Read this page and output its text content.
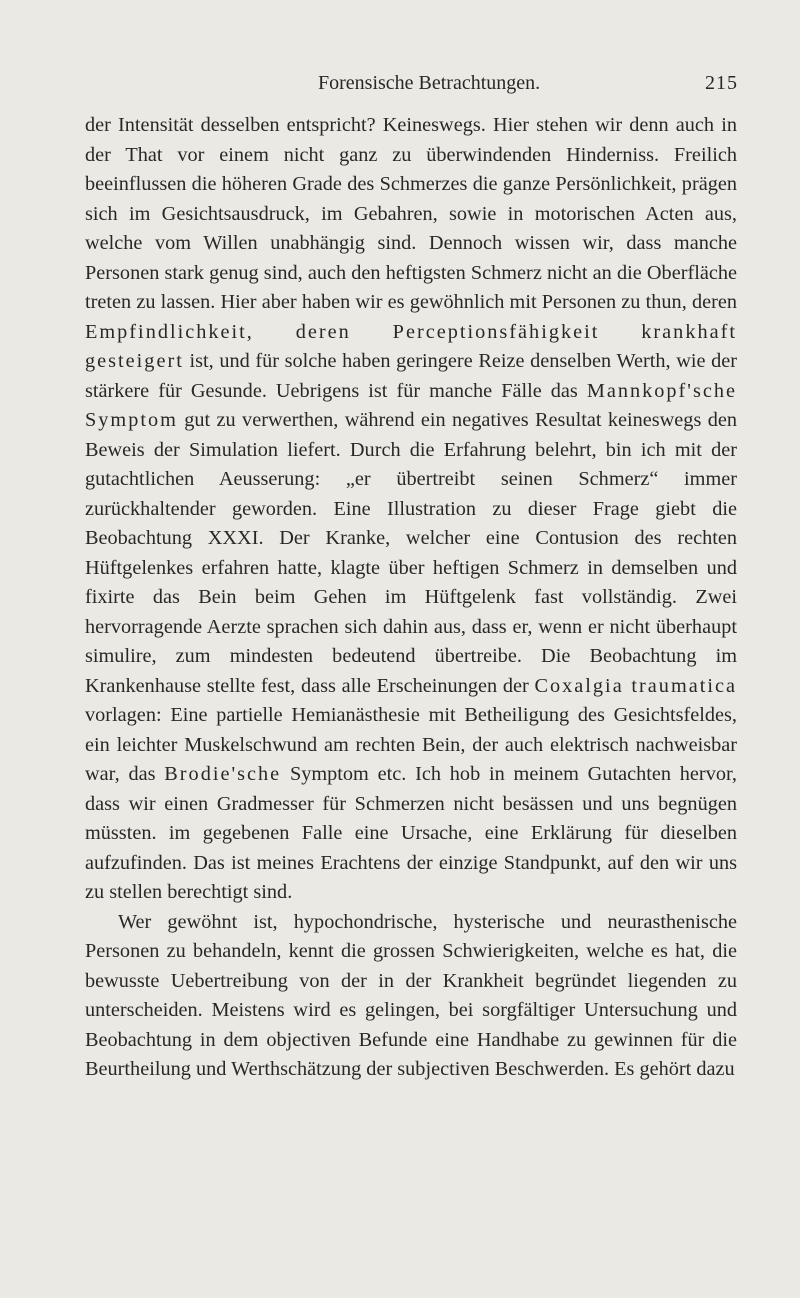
Forensische Betrachtungen.	215

der Intensität desselben entspricht? Keineswegs. Hier stehen wir denn auch in der That vor einem nicht ganz zu überwindenden Hinderniss. Freilich beeinflussen die höheren Grade des Schmerzes die ganze Persönlichkeit, prägen sich im Gesichtsausdruck, im Gebahren, sowie in motorischen Acten aus, welche vom Willen unabhängig sind. Dennoch wissen wir, dass manche Personen stark genug sind, auch den heftigsten Schmerz nicht an die Oberfläche treten zu lassen. Hier aber haben wir es gewöhnlich mit Personen zu thun, deren Empfindlichkeit, deren Perceptionsfähigkeit krankhaft gesteigert ist, und für solche haben geringere Reize denselben Werth, wie der stärkere für Gesunde. Uebrigens ist für manche Fälle das Mannkopf'sche Symptom gut zu verwerthen, während ein negatives Resultat keineswegs den Beweis der Simulation liefert. Durch die Erfahrung belehrt, bin ich mit der gutachtlichen Aeusserung: „er übertreibt seinen Schmerz“ immer zurückhaltender geworden. Eine Illustration zu dieser Frage giebt die Beobachtung XXXI. Der Kranke, welcher eine Contusion des rechten Hüftgelenkes erfahren hatte, klagte über heftigen Schmerz in demselben und fixirte das Bein beim Gehen im Hüftgelenk fast vollständig. Zwei hervorragende Aerzte sprachen sich dahin aus, dass er, wenn er nicht überhaupt simulire, zum mindesten bedeutend übertreibe. Die Beobachtung im Krankenhause stellte fest, dass alle Erscheinungen der Coxalgia traumatica vorlagen: Eine partielle Hemianästhesie mit Betheiligung des Gesichtsfeldes, ein leichter Muskelschwund am rechten Bein, der auch elektrisch nachweisbar war, das Brodie'sche Symptom etc. Ich hob in meinem Gutachten hervor, dass wir einen Gradmesser für Schmerzen nicht besässen und uns begnügen müssten. im gegebenen Falle eine Ursache, eine Erklärung für dieselben aufzufinden. Das ist meines Erachtens der einzige Standpunkt, auf den wir uns zu stellen berechtigt sind.

Wer gewöhnt ist, hypochondrische, hysterische und neurasthenische Personen zu behandeln, kennt die grossen Schwierigkeiten, welche es hat, die bewusste Uebertreibung von der in der Krankheit begründet liegenden zu unterscheiden. Meistens wird es gelingen, bei sorgfältiger Untersuchung und Beobachtung in dem objectiven Befunde eine Handhabe zu gewinnen für die Beurtheilung und Werthschätzung der subjectiven Beschwerden. Es gehört dazu
